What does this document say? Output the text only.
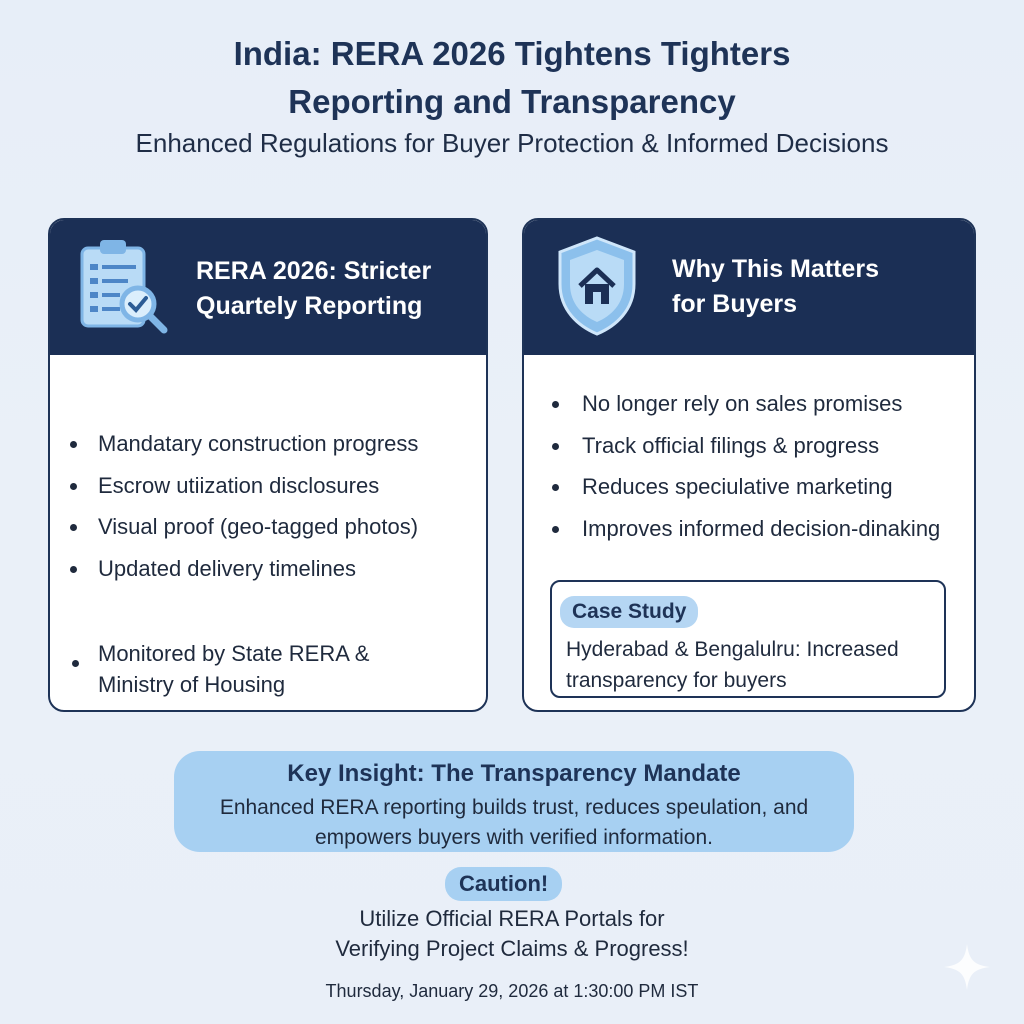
India: RERA 2026 Tightens Tighters
Reporting and Transparency
Enhanced Regulations for Buyer Protection & Informed Decisions
RERA 2026: Stricter
Quartely Reporting
Mandatary construction progress
Escrow utiization disclosures
Visual proof (geo-tagged photos)
Updated delivery timelines
Monitored by State RERA &
Ministry of Housing
Why This Matters
for Buyers
No longer rely on sales promises
Track official filings & progress
Reduces speciulative marketing
Improves informed decision-dinaking
Case Study
Hyderabad & Bengalulru: Increased
transparency for buyers
Key Insight: The Transparency Mandate
Enhanced RERA reporting builds trust, reduces speulation, and
empowers buyers with verified information.
Caution!
Utilize Official RERA Portals for
Verifying Project Claims & Progress!
Thursday, January 29, 2026 at 1:30:00 PM IST
